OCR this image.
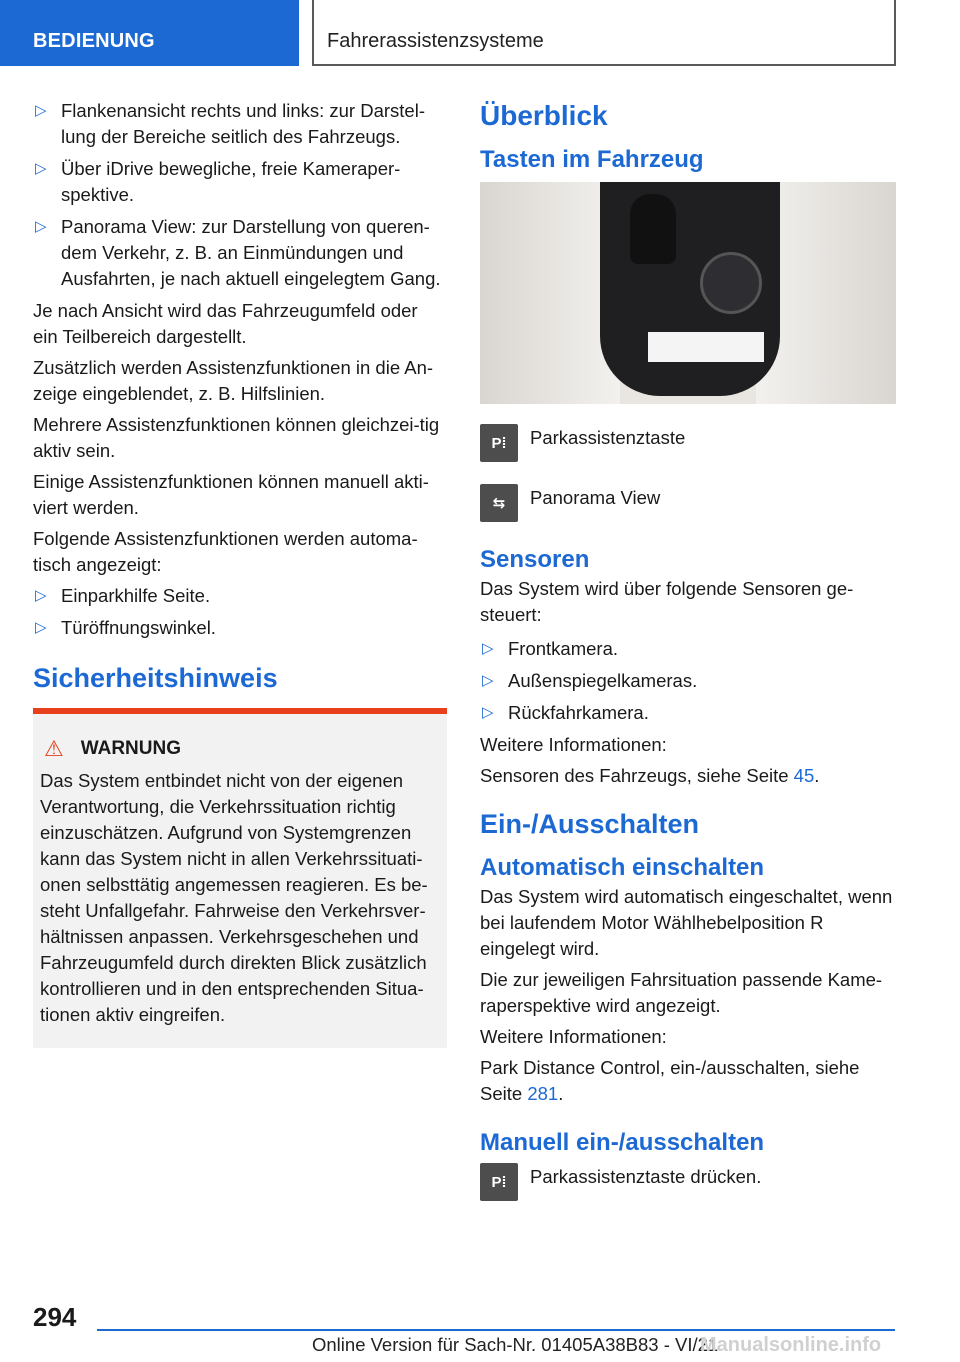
BEDIENUNG	Fahrerassistenzsysteme
▷ Flankenansicht rechts und links: zur Darstel‐lung der Bereiche seitlich des Fahrzeugs.
▷ Über iDrive bewegliche, freie Kameraper‐spektive.
▷ Panorama View: zur Darstellung von queren‐dem Verkehr, z. B. an Einmündungen und Ausfahrten, je nach aktuell eingelegtem Gang.

Je nach Ansicht wird das Fahrzeugumfeld oder ein Teilbereich dargestellt.

Zusätzlich werden Assistenzfunktionen in die An‐zeige eingeblendet, z. B. Hilfslinien.

Mehrere Assistenzfunktionen können gleichzei‐tig aktiv sein.

Einige Assistenzfunktionen können manuell akti‐viert werden.

Folgende Assistenzfunktionen werden automa‐tisch angezeigt:

▷ Einparkhilfe Seite.
▷ Türöffnungswinkel.
Sicherheitshinweis
⚠ WARNUNG

Das System entbindet nicht von der eigenen Verantwortung, die Verkehrssituation richtig einzuschätzen. Aufgrund von Systemgrenzen kann das System nicht in allen Verkehrssituati‐onen selbsttätig angemessen reagieren. Es be‐steht Unfallgefahr. Fahrweise den Verkehrsver‐hältnissen anpassen. Verkehrsgeschehen und Fahrzeugumfeld durch direkten Blick zusätzlich kontrollieren und in den entsprechenden Situa‐tionen aktiv eingreifen.

Überblick
Tasten im Fahrzeug
P⁞	Parkassistenztaste
⇆	Panorama View
Sensoren

Das System wird über folgende Sensoren ge‐steuert:

▷ Frontkamera.
▷ Außenspiegelkameras.
▷ Rückfahrkamera.

Weitere Informationen:

Sensoren des Fahrzeugs, siehe Seite 45.

Ein-/Ausschalten
Automatisch einschalten

Das System wird automatisch eingeschaltet, wenn bei laufendem Motor Wählhebelposition R eingelegt wird.

Die zur jeweiligen Fahrsituation passende Kame‐raperspektive wird angezeigt.

Weitere Informationen:

Park Distance Control, ein-/ausschalten, siehe Seite 281.

Manuell ein-/ausschalten
P⁞	Parkassistenztaste drücken.
294
Online Version für Sach-Nr. 01405A38B83 - VI/21
Manualsonline.info
